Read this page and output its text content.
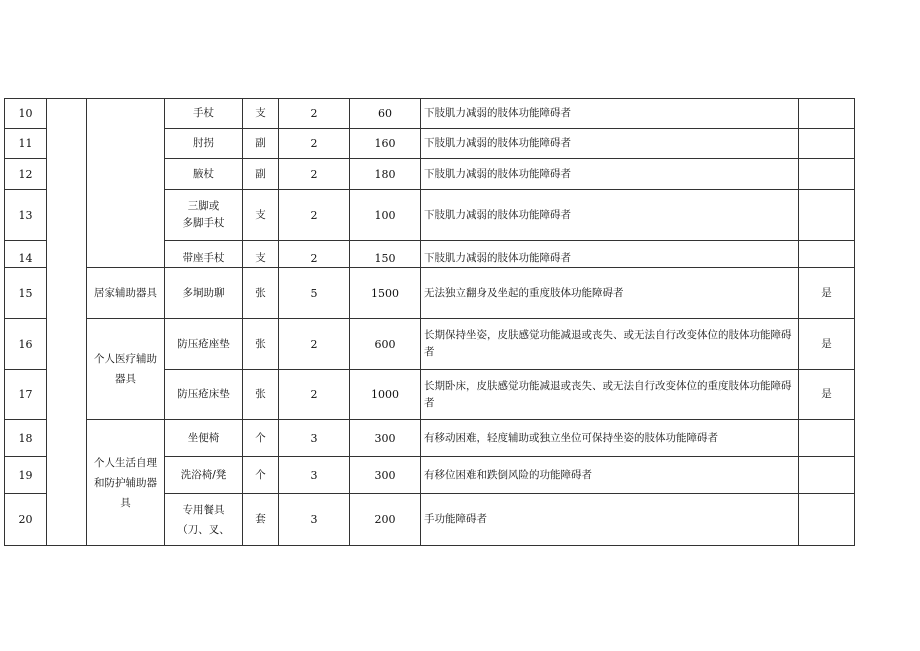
10			手杖	支	2	60	下肢肌力减弱的肢体功能障碍者	
11			肘拐	副	2	160	下肢肌力减弱的肢体功能障碍者	
12			腋杖	副	2	180	下肢肌力减弱的肢体功能障碍者	
13			三脚或
多脚手杖	支	2	100	下肢肌力减弱的肢体功能障碍者	
14			带座手杖	支	2	150	下肢肌力减弱的肢体功能障碍者	
15		居家辅助器具	多垌助聊	张	5	1500	无法独立翻身及坐起的重度肢体功能障碍者	是
16		个人医疗辅助器具	防压疮座垫	张	2	600	长期保持坐姿，皮肤感觉功能减退或丧失、或无法自行改变体位的肢体功能障碍者	是
17			防压疮床垫	张	2	1000	长期卧床，皮肤感觉功能减退或丧失、或无法自行改变体位的重度肢体功能障碍者	是
18		个人生活自理和防护辅助器具	坐便椅	个	3	300	有移动困难，轻度辅助或独立坐位可保持坐姿的肢体功能障碍者	
19			洗浴椅/凳	个	3	300	有移位困难和跌倒风险的功能障碍者	
20			专用餐具
（刀、叉、	套	3	200	手功能障碍者	
